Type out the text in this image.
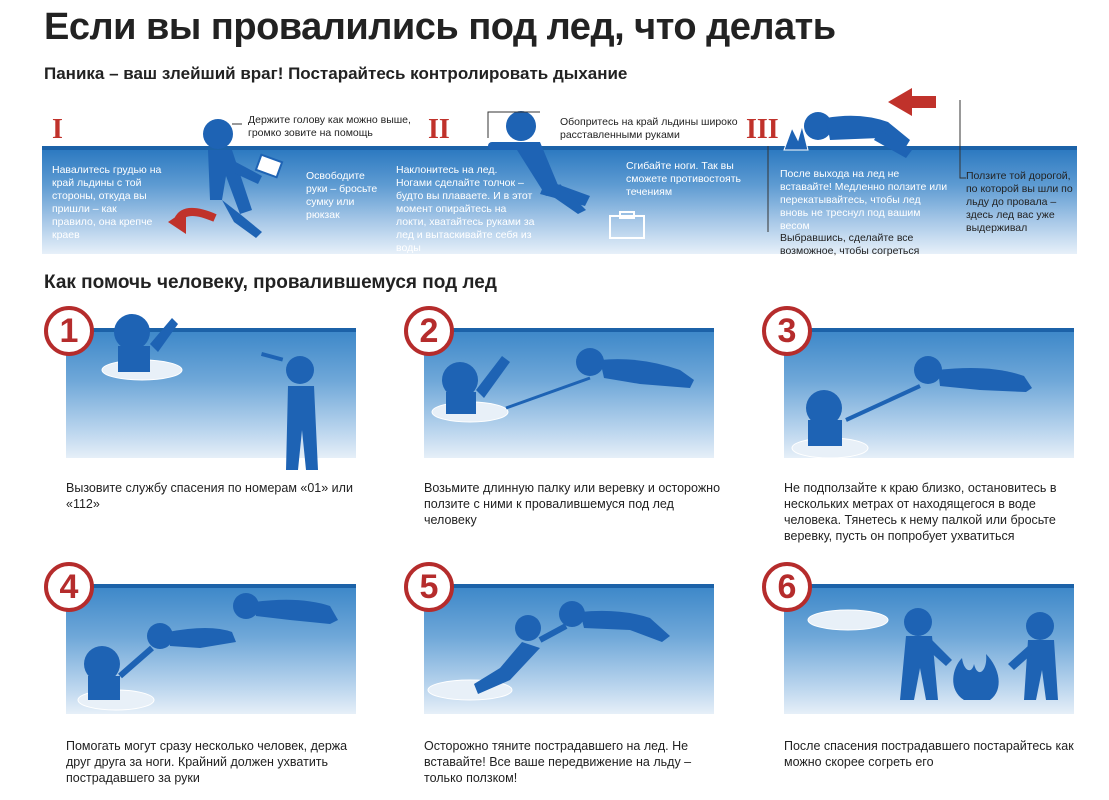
Если вы провалились под лед, что делать
Паника – ваш злейший враг! Постарайтесь контролировать дыхание
I	II	III
Держите голову как можно выше, громко зовите на помощь
Навалитесь грудью на край льдины с той стороны, откуда вы пришли – как правило, она крепче краев
Освободите руки – бросьте сумку или рюкзак
Обопритесь на край льдины широко расставленными руками
Наклонитесь на лед. Ногами сделайте толчок – будто вы плаваете. И в этот момент опирайтесь на локти, хватайтесь руками за лед и вытаскивайте себя из воды
Сгибайте ноги. Так вы сможете противостоять течениям
После выхода на лед не вставайте! Медленно ползите или перекатывайтесь, чтобы лед вновь не треснул под вашим весом
Выбравшись, сделайте все возможное, чтобы согреться
Ползите той дорогой, по которой вы шли по льду до провала – здесь лед вас уже выдерживал
Как помочь человеку, провалившемуся под лед
1	2	3
4	5	6
Вызовите службу спасения по номерам «01» или «112»
Возьмите длинную палку или веревку и осторожно ползите с ними к провалившемуся под лед человеку
Не подползайте к краю близко, остановитесь в нескольких метрах от находящегося в воде человека. Тянетесь к нему палкой или бросьте веревку, пусть он попробует ухватиться
Помогать могут сразу несколько человек, держа друг друга за ноги. Крайний должен ухватить пострадавшего за руки
Осторожно тяните пострадавшего на лед. Не вставайте! Все ваше передвижение на льду – только ползком!
После спасения пострадавшего постарайтесь как можно скорее согреть его
